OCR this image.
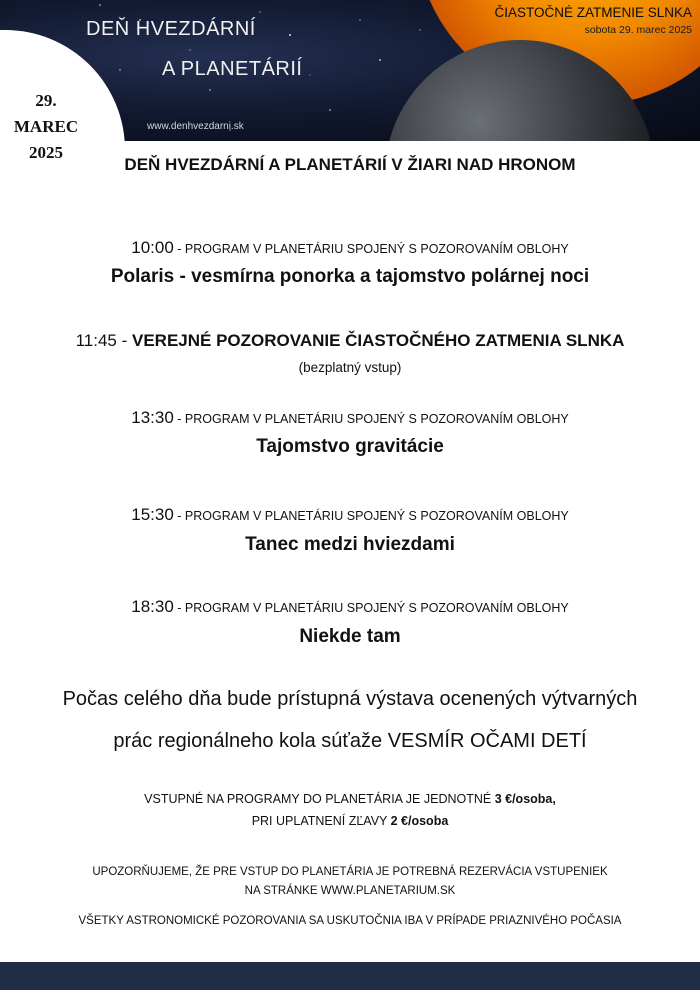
DEŇ HVEZDÁRNÍ
A PLANETÁRIÍ
www.denhvezdarni.sk
ČIASTOČNÉ ZATMENIE SLNKA
sobota 29. marec 2025
29. MAREC
2025
DEŇ HVEZDÁRNÍ A PLANETÁRIÍ V ŽIARI NAD HRONOM
10:00 - PROGRAM V PLANETÁRIU SPOJENÝ S POZOROVANÍM OBLOHY
Polaris - vesmírna ponorka a tajomstvo polárnej noci
11:45 - VEREJNÉ POZOROVANIE ČIASTOČNÉHO ZATMENIA SLNKA
(bezplatný vstup)
13:30 - PROGRAM V PLANETÁRIU SPOJENÝ S POZOROVANÍM OBLOHY
Tajomstvo gravitácie
15:30 - PROGRAM V PLANETÁRIU SPOJENÝ S POZOROVANÍM OBLOHY
Tanec medzi hviezdami
18:30 - PROGRAM V PLANETÁRIU SPOJENÝ S POZOROVANÍM OBLOHY
Niekde tam
Počas celého dňa bude prístupná výstava ocenených výtvarných
prác regionálneho kola súťaže VESMÍR OČAMI DETÍ
VSTUPNÉ NA PROGRAMY DO PLANETÁRIA JE JEDNOTNÉ 3 €/osoba,
PRI UPLATNENÍ ZĽAVY 2 €/osoba
UPOZORŇUJEME, ŽE PRE VSTUP DO PLANETÁRIA JE POTREBNÁ REZERVÁCIA VSTUPENIEK
NA STRÁNKE WWW.PLANETARIUM.SK
VŠETKY ASTRONOMICKÉ POZOROVANIA SA USKUTOČNIA IBA V PRÍPADE PRIAZNIVÉHO POČASIA
